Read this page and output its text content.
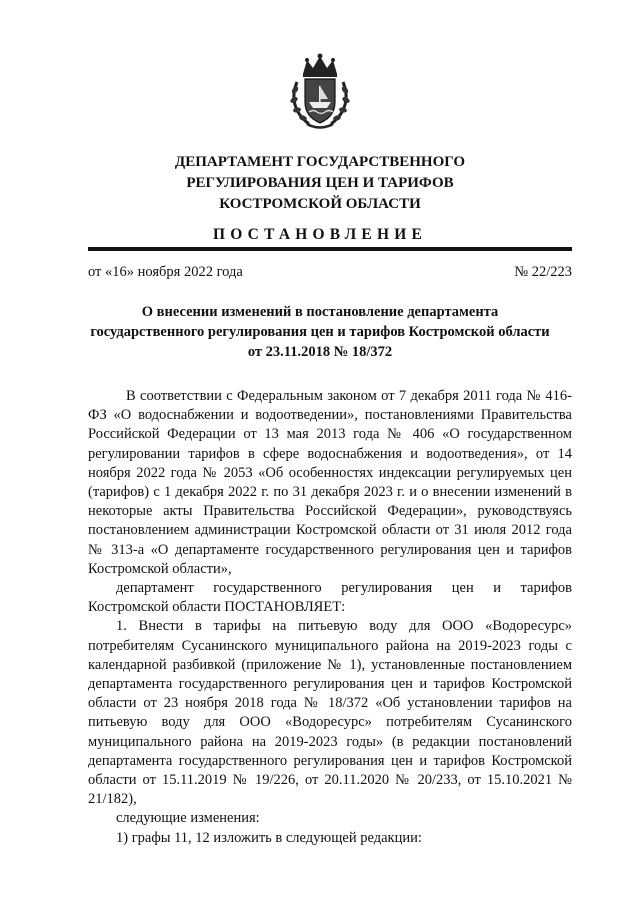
ДЕПАРТАМЕНТ ГОСУДАРСТВЕННОГО
РЕГУЛИРОВАНИЯ ЦЕН И ТАРИФОВ
КОСТРОМСКОЙ ОБЛАСТИ
ПОСТАНОВЛЕНИЕ
от «16» ноября 2022 года	№ 22/223
О внесении изменений в постановление департамента
государственного регулирования цен и тарифов Костромской области
от 23.11.2018 № 18/372

В соответствии с Федеральным законом от 7 декабря 2011 года № 416-ФЗ «О водоснабжении и водоотведении», постановлениями Правительства Российской Федерации от 13 мая 2013 года № 406 «О государственном регулировании тарифов в сфере водоснабжения и водоотведения», от 14 ноября 2022 года № 2053 «Об особенностях индексации регулируемых цен (тарифов) с 1 декабря 2022 г. по 31 декабря 2023 г. и о внесении изменений в некоторые акты Правительства Российской Федерации», руководствуясь постановлением администрации Костромской области от 31 июля 2012 года № 313-а «О департаменте государственного регулирования цен и тарифов Костромской области»,

департамент государственного регулирования цен и тарифов Костромской области ПОСТАНОВЛЯЕТ:

1. Внести в тарифы на питьевую воду для ООО «Водоресурс» потребителям Сусанинского муниципального района на 2019-2023 годы с календарной разбивкой (приложение № 1), установленные постановлением департамента государственного регулирования цен и тарифов Костромской области от 23 ноября 2018 года № 18/372 «Об установлении тарифов на питьевую воду для ООО «Водоресурс» потребителям Сусанинского муниципального района на 2019-2023 годы» (в редакции постановлений департамента государственного регулирования цен и тарифов Костромской области от 15.11.2019 № 19/226, от 20.11.2020 № 20/233, от 15.10.2021 № 21/182),

следующие изменения:

1) графы 11, 12 изложить в следующей редакции:
